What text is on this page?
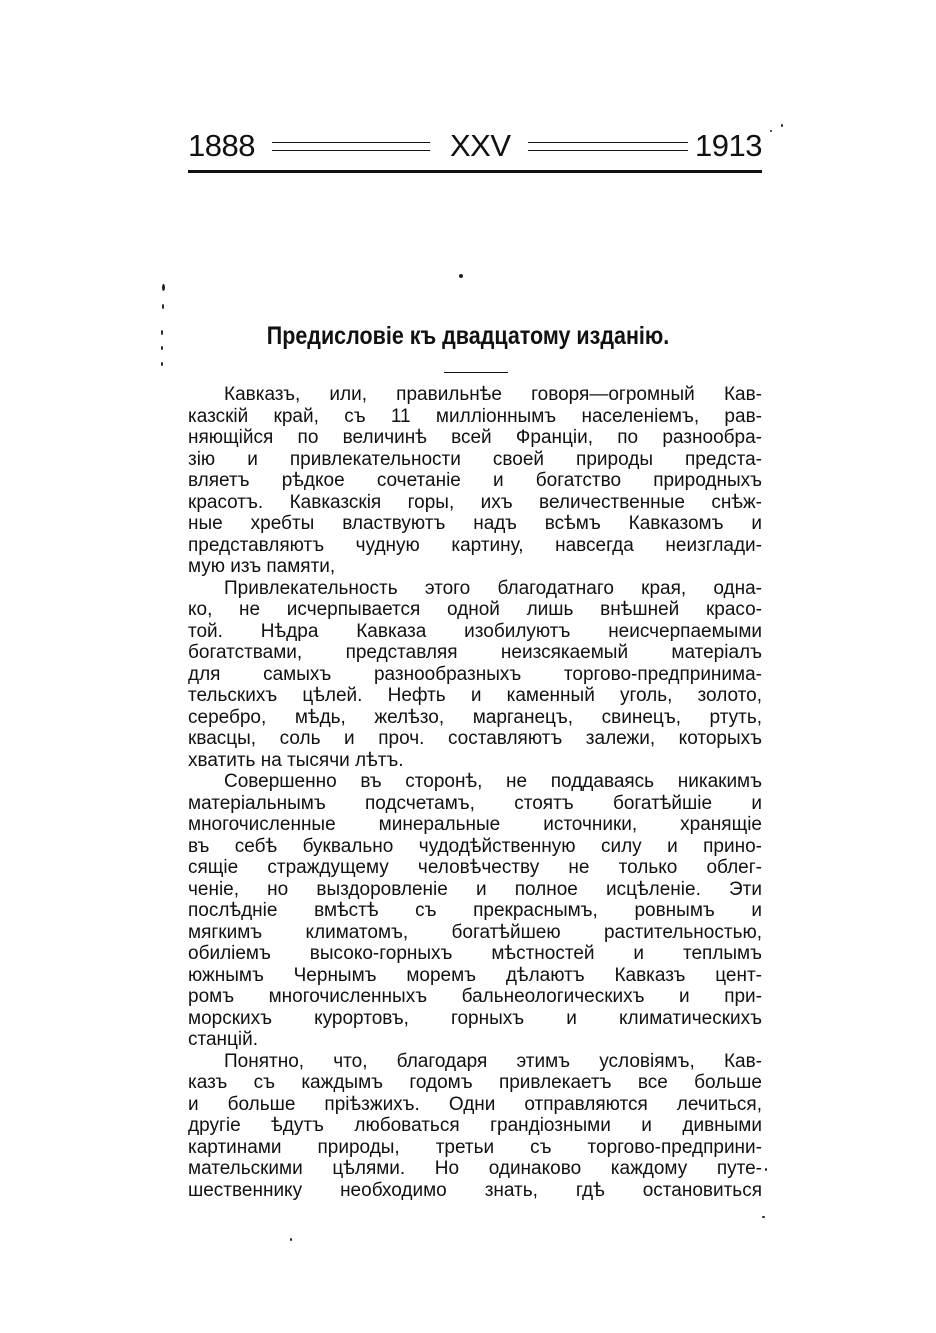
1888	XXV	1913
Предисловіе къ двадцатому изданію.
Кавказъ, или, правильнѣе говоря—огромный Кав-
казскій край, съ 11 милліоннымъ населеніемъ, рав-
няющійся по величинѣ всей Франціи, по разнообра-
зію и привлекательности своей природы предста-
вляетъ рѣдкое сочетаніе и богатство природныхъ
красотъ. Кавказскія горы, ихъ величественные снѣж-
ные хребты властвуютъ надъ всѣмъ Кавказомъ и
представляютъ чудную картину, навсегда неизглади-
мую изъ памяти,
Привлекательность этого благодатнаго края, одна-
ко, не исчерпывается одной лишь внѣшней красо-
той. Нѣдра Кавказа изобилуютъ неисчерпаемыми
богатствами, представляя неизсякаемый матеріалъ
для самыхъ разнообразныхъ торгово-предпринима-
тельскихъ цѣлей. Нефть и каменный уголь, золото,
серебро, мѣдь, желѣзо, марганецъ, свинецъ, ртуть,
квасцы, соль и проч. составляютъ залежи, которыхъ
хватить на тысячи лѣтъ.
Совершенно въ сторонѣ, не поддаваясь никакимъ
матеріальнымъ подсчетамъ, стоятъ богатѣйшіе и
многочисленные минеральные источники, хранящіе
въ себѣ буквально чудодѣйственную силу и прино-
сящіе страждущему человѣчеству не только облег-
ченіе, но выздоровленіе и полное исцѣленіе. Эти
послѣдніе вмѣстѣ съ прекраснымъ, ровнымъ и
мягкимъ климатомъ, богатѣйшею растительностью,
обиліемъ высоко-горныхъ мѣстностей и теплымъ
южнымъ Чернымъ моремъ дѣлаютъ Кавказъ цент-
ромъ многочисленныхъ бальнеологическихъ и при-
морскихъ курортовъ, горныхъ и климатическихъ
станцій.
Понятно, что, благодаря этимъ условіямъ, Кав-
казъ съ каждымъ годомъ привлекаетъ все больше
и больше пріѣзжихъ. Одни отправляются лечиться,
другіе ѣдутъ любоваться грандіозными и дивными
картинами природы, третьи съ торгово-предприни-
мательскими цѣлями. Но одинаково каждому путе-
шественнику необходимо знать, гдѣ остановиться
